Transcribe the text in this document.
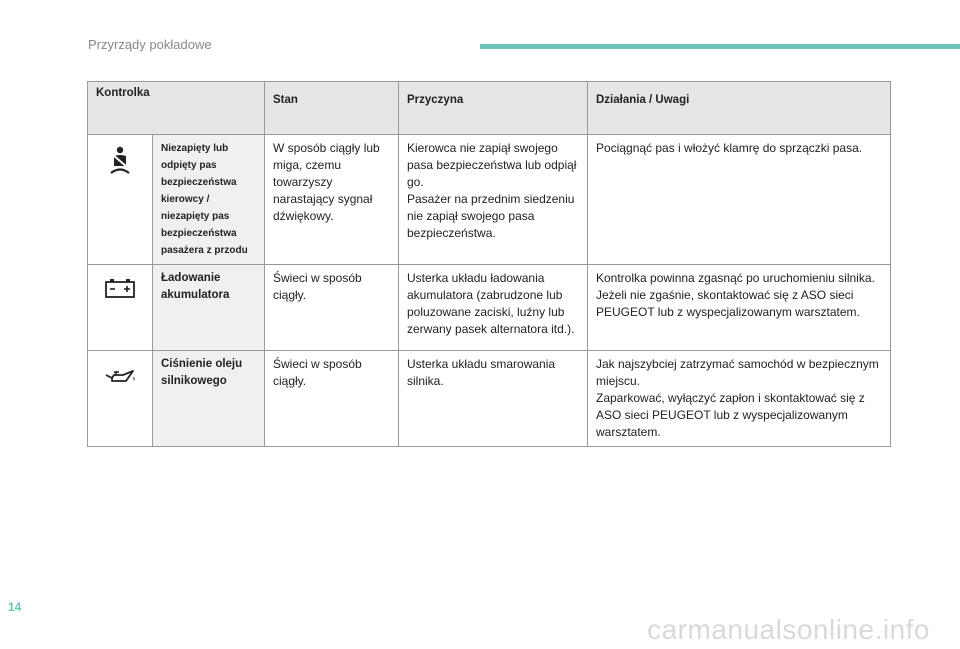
Przyrządy pokładowe
Kontrolka		Stan	Przyczyna	Działania / Uwagi

	Niezapięty lub odpięty pas bezpieczeństwa kierowcy / niezapięty pas bezpieczeństwa pasażera z przodu	W sposób ciągły lub miga, czemu towarzyszy narastający sygnał dźwiękowy.	Kierowca nie zapiął swojego pasa bezpieczeństwa lub odpiął go.
Pasażer na przednim siedzeniu nie zapiął swojego pasa bezpieczeństwa.	Pociągnąć pas i włożyć klamrę do sprzączki pasa.

	Ładowanie akumulatora	Świeci w sposób ciągły.	Usterka układu ładowania akumulatora (zabrudzone lub poluzowane zaciski, luźny lub zerwany pasek alternatora itd.).	Kontrolka powinna zgasnąć po uruchomieniu silnika.
Jeżeli nie zgaśnie, skontaktować się z ASO sieci PEUGEOT lub z wyspecjalizowanym warsztatem.

	Ciśnienie oleju silnikowego	Świeci w sposób ciągły.	Usterka układu smarowania silnika.	Jak najszybciej zatrzymać samochód w bezpiecznym miejscu.
Zaparkować, wyłączyć zapłon i skontaktować się z ASO sieci PEUGEOT lub z wyspecjalizowanym warsztatem.
14
carmanualsonline.info
